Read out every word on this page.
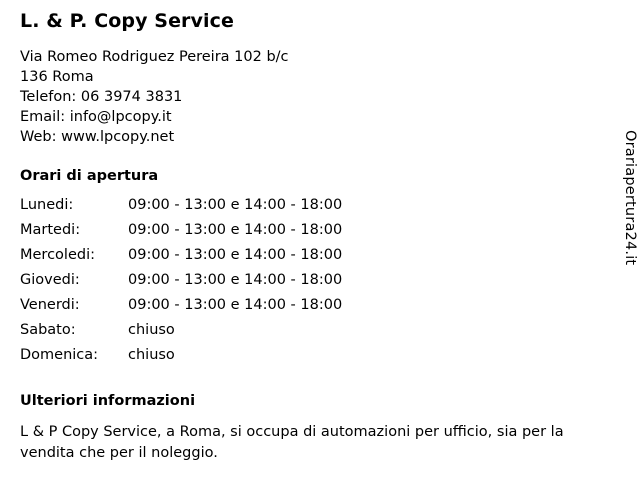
L. & P. Copy Service

Via Romeo Rodriguez Pereira 102 b/c

136 Roma

Telefon: 06 3974 3831

Email: info@lpcopy.it

Web: www.lpcopy.net

Orari di apertura
Lunedi:	09:00 - 13:00 e 14:00 - 18:00
Martedi:	09:00 - 13:00 e 14:00 - 18:00
Mercoledi:	09:00 - 13:00 e 14:00 - 18:00
Giovedi:	09:00 - 13:00 e 14:00 - 18:00
Venerdi:	09:00 - 13:00 e 14:00 - 18:00
Sabato:	chiuso
Domenica:	chiuso
Ulteriori informazioni

L & P Copy Service, a Roma, si occupa di automazioni per ufficio, sia per la vendita che per il noleggio.

Orariapertura24.it
